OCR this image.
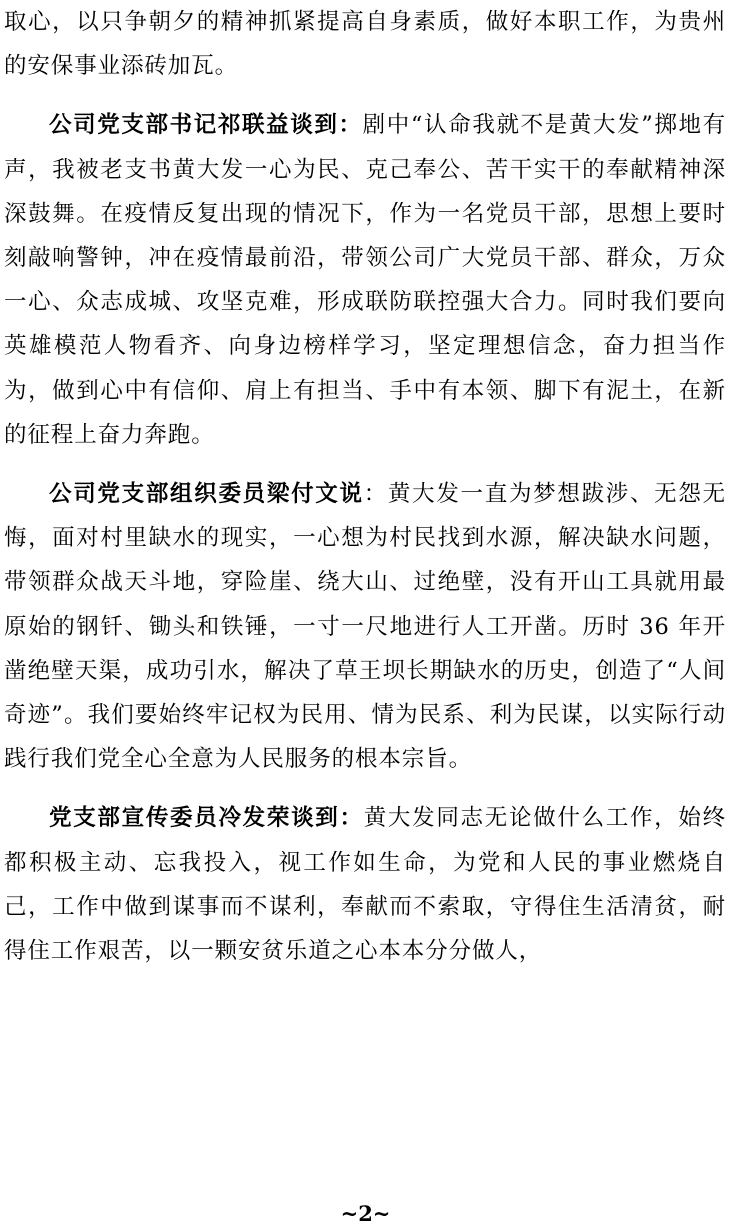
取心，以只争朝夕的精神抓紧提高自身素质，做好本职工作，为贵州的安保事业添砖加瓦。

公司党支部书记祁联益谈到：剧中“认命我就不是黄大发”掷地有声，我被老支书黄大发一心为民、克己奉公、苦干实干的奉献精神深深鼓舞。在疫情反复出现的情况下，作为一名党员干部，思想上要时刻敲响警钟，冲在疫情最前沿，带领公司广大党员干部、群众，万众一心、众志成城、攻坚克难，形成联防联控强大合力。同时我们要向英雄模范人物看齐、向身边榜样学习，坚定理想信念，奋力担当作为，做到心中有信仰、肩上有担当、手中有本领、脚下有泥土，在新的征程上奋力奔跑。

公司党支部组织委员梁付文说：黄大发一直为梦想跋涉、无怨无悔，面对村里缺水的现实，一心想为村民找到水源，解决缺水问题，带领群众战天斗地，穿险崖、绕大山、过绝壁，没有开山工具就用最原始的钢钎、锄头和铁锤，一寸一尺地进行人工开凿。历时 36 年开凿绝壁天渠，成功引水，解决了草王坝长期缺水的历史，创造了“人间奇迹”。我们要始终牢记权为民用、情为民系、利为民谋，以实际行动践行我们党全心全意为人民服务的根本宗旨。

党支部宣传委员冷发荣谈到：黄大发同志无论做什么工作，始终都积极主动、忘我投入，视工作如生命，为党和人民的事业燃烧自己，工作中做到谋事而不谋利，奉献而不索取，守得住生活清贫，耐得住工作艰苦，以一颗安贫乐道之心本本分分做人，

~2~
